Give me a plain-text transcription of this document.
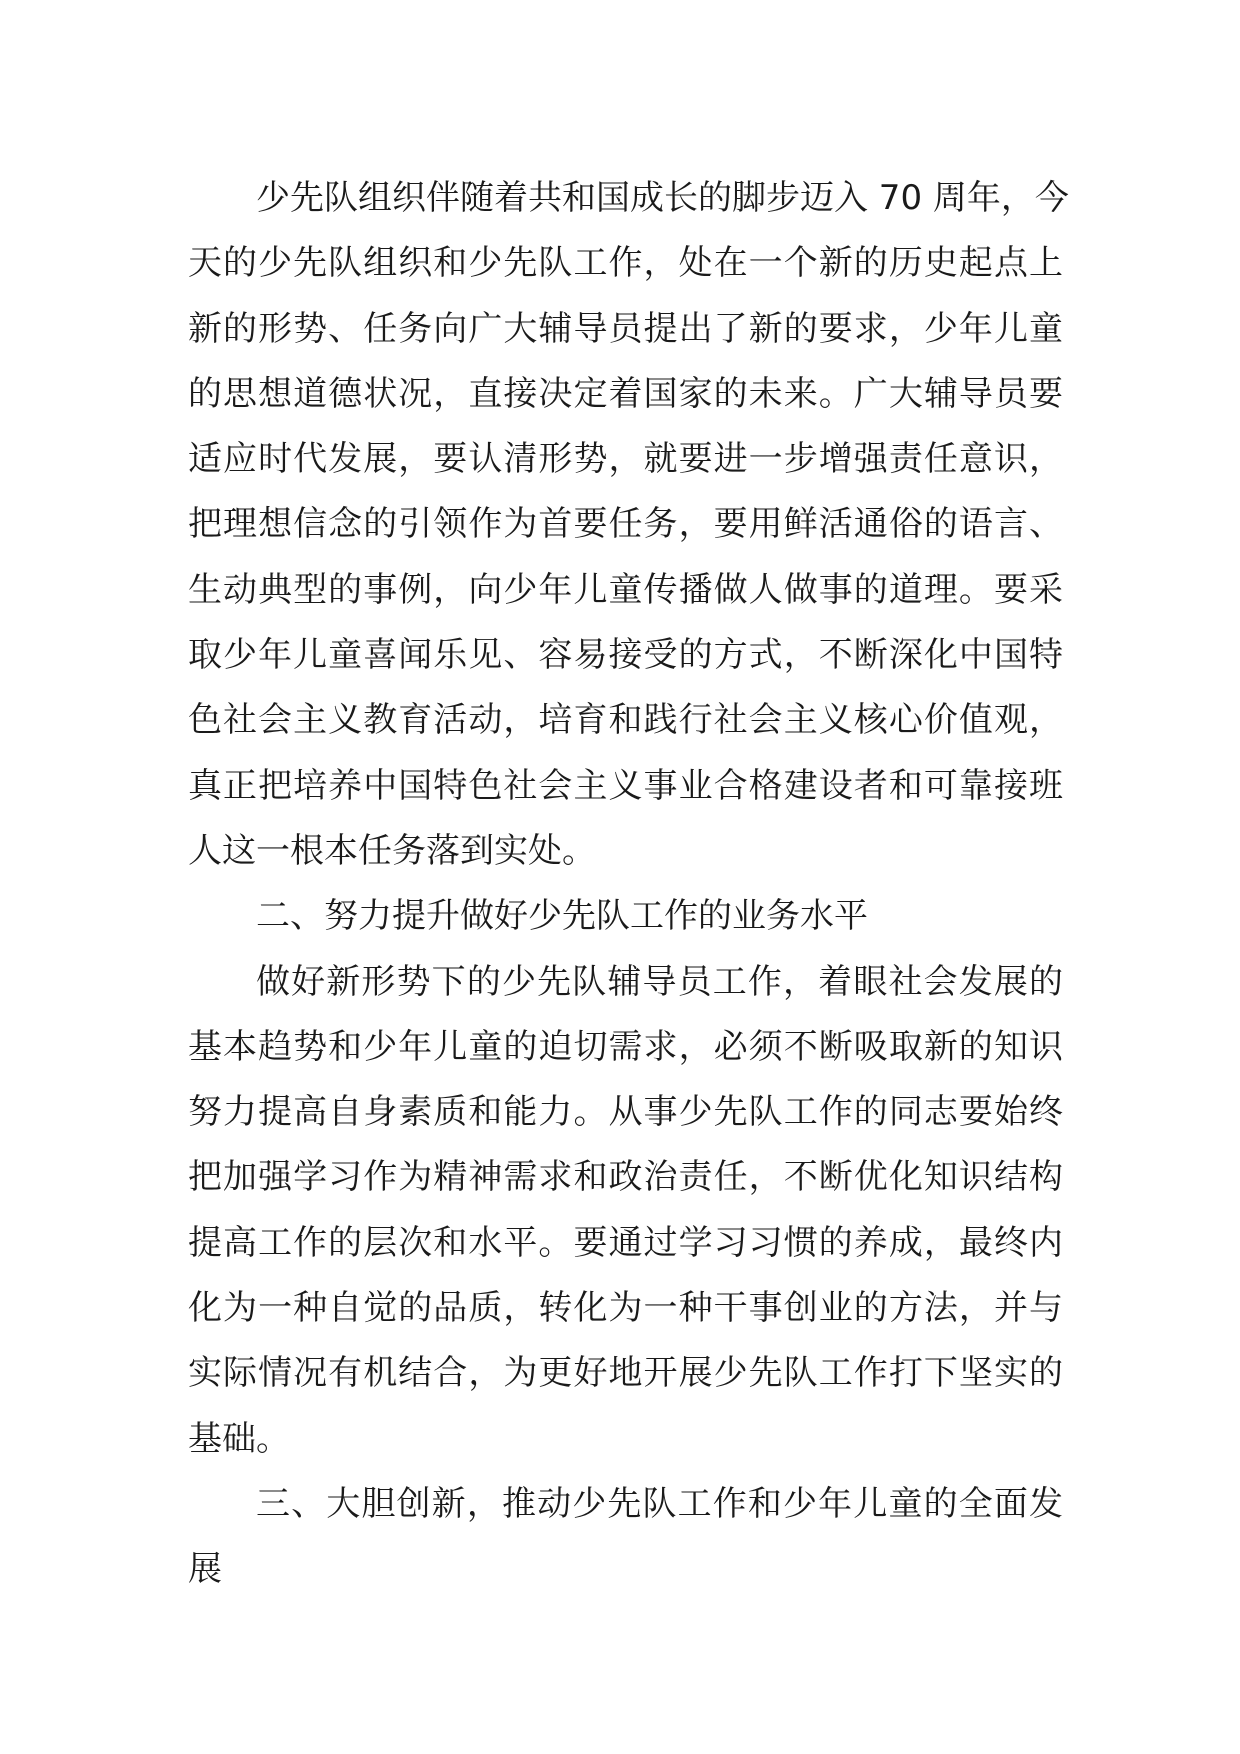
少先队组织伴随着共和国成长的脚步迈入 70 周年，今
天的少先队组织和少先队工作，处在一个新的历史起点上
新的形势、任务向广大辅导员提出了新的要求，少年儿童
的思想道德状况，直接决定着国家的未来。广大辅导员要
适应时代发展，要认清形势，就要进一步增强责任意识，
把理想信念的引领作为首要任务，要用鲜活通俗的语言、
生动典型的事例，向少年儿童传播做人做事的道理。要采
取少年儿童喜闻乐见、容易接受的方式，不断深化中国特
色社会主义教育活动，培育和践行社会主义核心价值观，
真正把培养中国特色社会主义事业合格建设者和可靠接班
人这一根本任务落到实处。
二、努力提升做好少先队工作的业务水平
做好新形势下的少先队辅导员工作，着眼社会发展的
基本趋势和少年儿童的迫切需求，必须不断吸取新的知识
努力提高自身素质和能力。从事少先队工作的同志要始终
把加强学习作为精神需求和政治责任，不断优化知识结构
提高工作的层次和水平。要通过学习习惯的养成，最终内
化为一种自觉的品质，转化为一种干事创业的方法，并与
实际情况有机结合，为更好地开展少先队工作打下坚实的
基础。
三、大胆创新，推动少先队工作和少年儿童的全面发
展
